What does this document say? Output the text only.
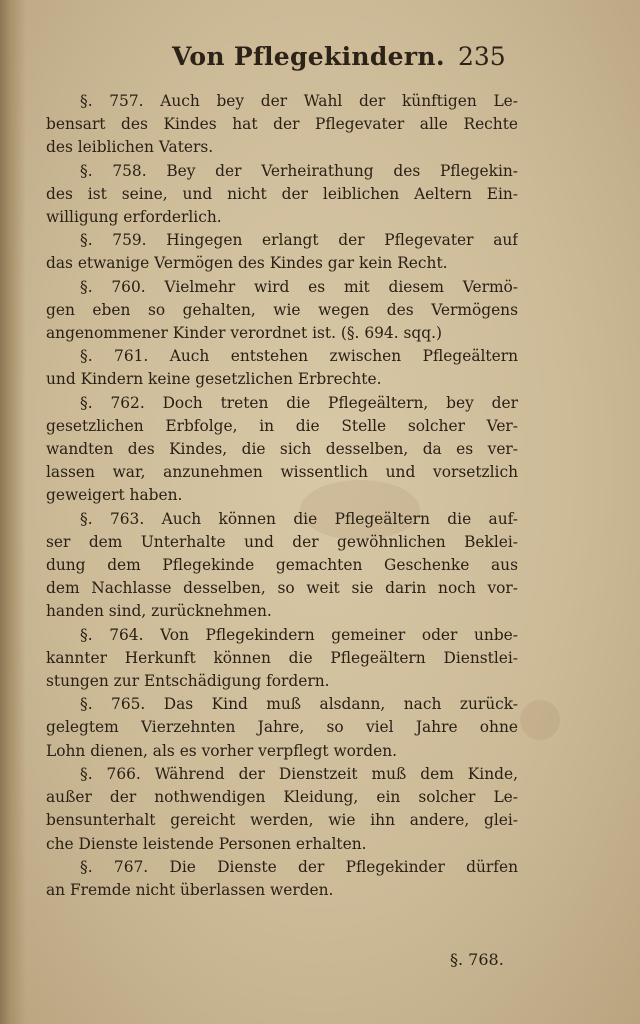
Von Pflegekindern. 235
§. 757. Auch bey der Wahl der künftigen Le-
bensart des Kindes hat der Pflegevater alle Rechte
des leiblichen Vaters.
§. 758. Bey der Verheirathung des Pflegekin-
des ist seine, und nicht der leiblichen Aeltern Ein-
willigung erforderlich.
§. 759. Hingegen erlangt der Pflegevater auf
das etwanige Vermögen des Kindes gar kein Recht.
§. 760. Vielmehr wird es mit diesem Vermö-
gen eben so gehalten, wie wegen des Vermögens
angenommener Kinder verordnet ist. (§. 694. sqq.)
§. 761. Auch entstehen zwischen Pflegeältern
und Kindern keine gesetzlichen Erbrechte.
§. 762. Doch treten die Pflegeältern, bey der
gesetzlichen Erbfolge, in die Stelle solcher Ver-
wandten des Kindes, die sich desselben, da es ver-
lassen war, anzunehmen wissentlich und vorsetzlich
geweigert haben.
§. 763. Auch können die Pflegeältern die auf-
ser dem Unterhalte und der gewöhnlichen Beklei-
dung dem Pflegekinde gemachten Geschenke aus
dem Nachlasse desselben, so weit sie darin noch vor-
handen sind, zurücknehmen.
§. 764. Von Pflegekindern gemeiner oder unbe-
kannter Herkunft können die Pflegeältern Dienstlei-
stungen zur Entschädigung fordern.
§. 765. Das Kind muß alsdann, nach zurück-
gelegtem Vierzehnten Jahre, so viel Jahre ohne
Lohn dienen, als es vorher verpflegt worden.
§. 766. Während der Dienstzeit muß dem Kinde,
außer der nothwendigen Kleidung, ein solcher Le-
bensunterhalt gereicht werden, wie ihn andere, glei-
che Dienste leistende Personen erhalten.
§. 767. Die Dienste der Pflegekinder dürfen
an Fremde nicht überlassen werden.
§. 768.
